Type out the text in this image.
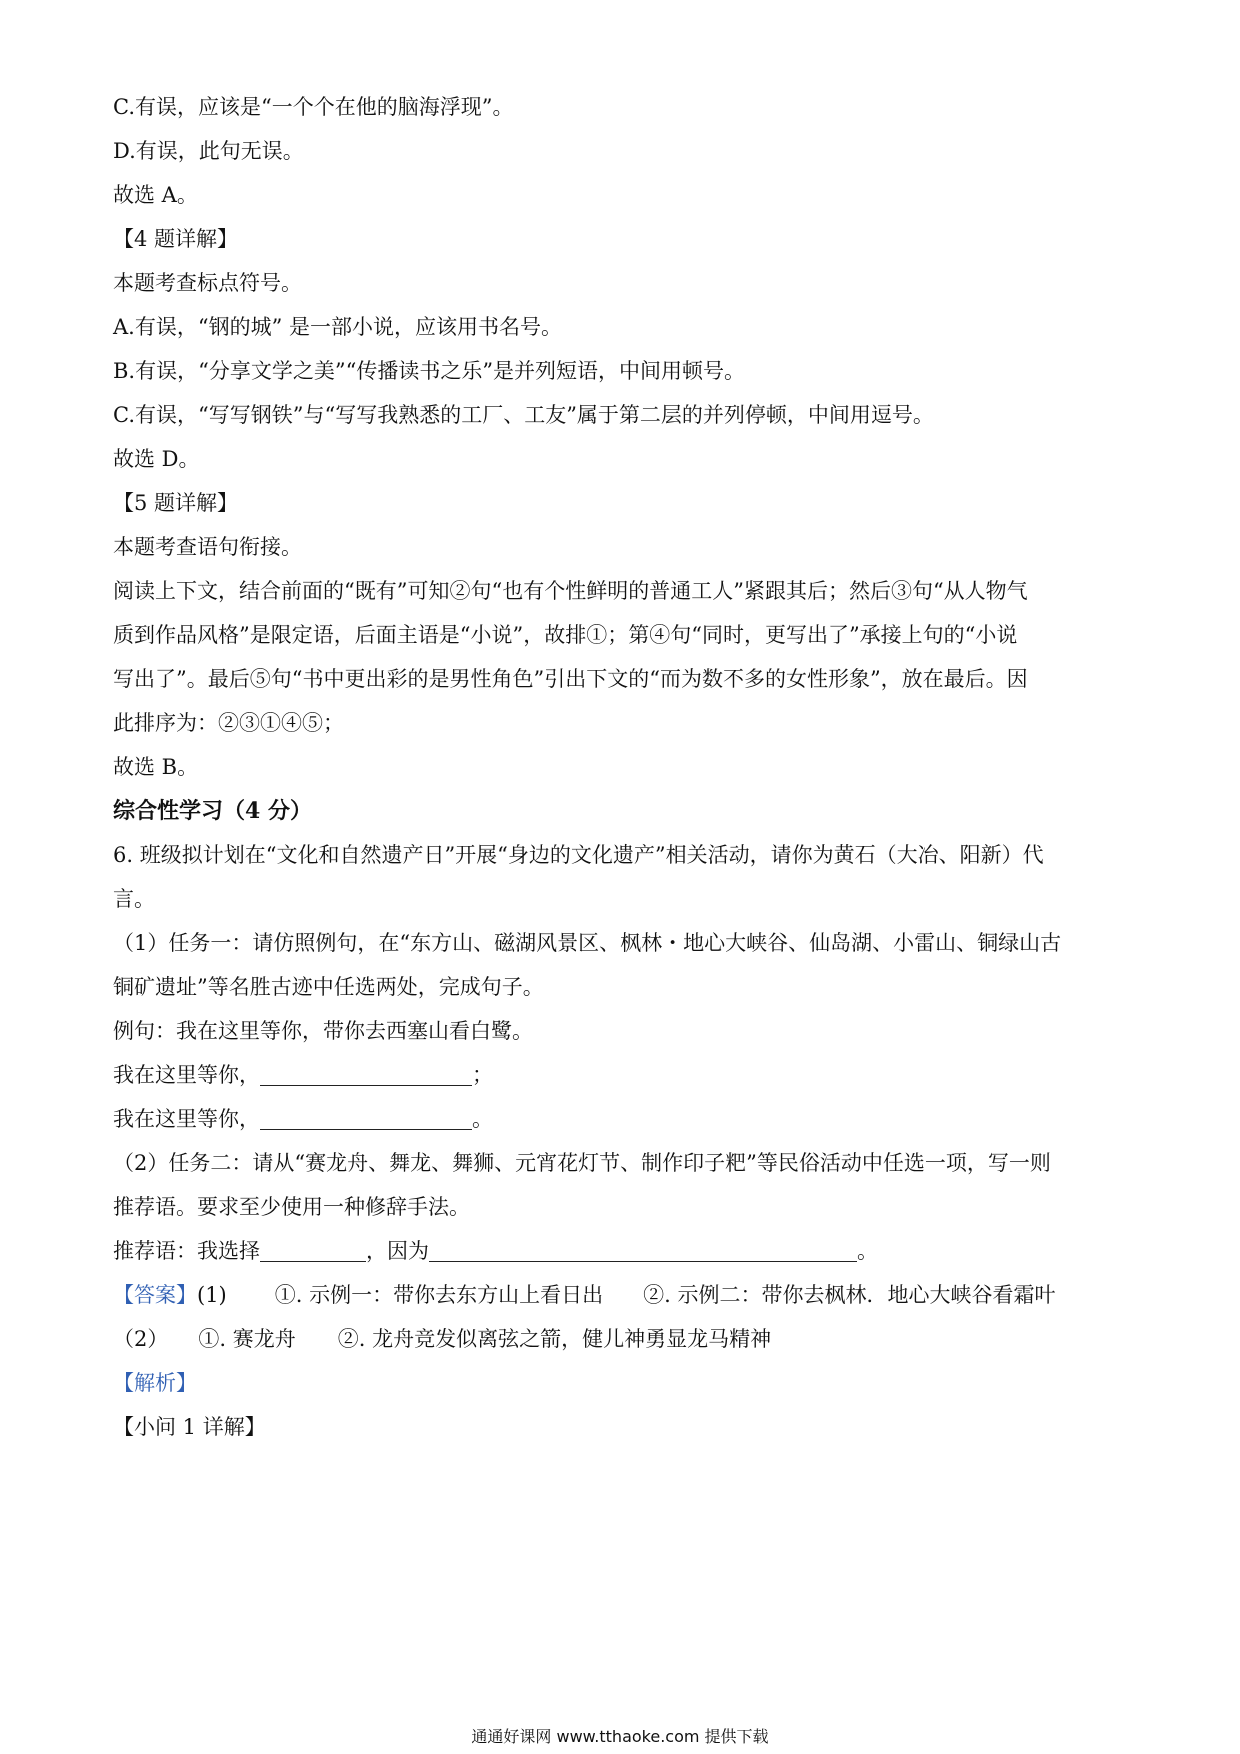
C.有误，应该是“一个个在他的脑海浮现”。
D.有误，此句无误。
故选 A。
【4 题详解】
本题考查标点符号。
A.有误，“钢的城” 是一部小说，应该用书名号。
B.有误，“分享文学之美”“传播读书之乐”是并列短语，中间用顿号。
C.有误，“写写钢铁”与“写写我熟悉的工厂、工友”属于第二层的并列停顿，中间用逗号。
故选 D。
【5 题详解】
本题考查语句衔接。
阅读上下文，结合前面的“既有”可知②句“也有个性鲜明的普通工人”紧跟其后；然后③句“从人物气
质到作品风格”是限定语，后面主语是“小说”，故排①；第④句“同时，更写出了”承接上句的“小说
写出了”。最后⑤句“书中更出彩的是男性角色”引出下文的“而为数不多的女性形象”，放在最后。因
此排序为：②③①④⑤；
故选 B。
综合性学习（4 分）
6. 班级拟计划在“文化和自然遗产日”开展“身边的文化遗产”相关活动，请你为黄石（大冶、阳新）代
言。
（1）任务一：请仿照例句，在“东方山、磁湖风景区、枫林・地心大峡谷、仙岛湖、小雷山、铜绿山古
铜矿遗址”等名胜古迹中任选两处，完成句子。
例句：我在这里等你，带你去西塞山看白鹭。
我在这里等你，	；
我在这里等你，	。
（2）任务二：请从“赛龙舟、舞龙、舞狮、元宵花灯节、制作印子粑”等民俗活动中任选一项，写一则
推荐语。要求至少使用一种修辞手法。
推荐语：我选择	，因为	。
【答案】(1) ①. 示例一：带你去东方山上看日出 ②. 示例二：带你去枫林．地心大峡谷看霜叶
（2） ①. 赛龙舟 ②. 龙舟竞发似离弦之箭，健儿神勇显龙马精神
【解析】
【小问 1 详解】
通通好课网 www.tthaoke.com 提供下载
